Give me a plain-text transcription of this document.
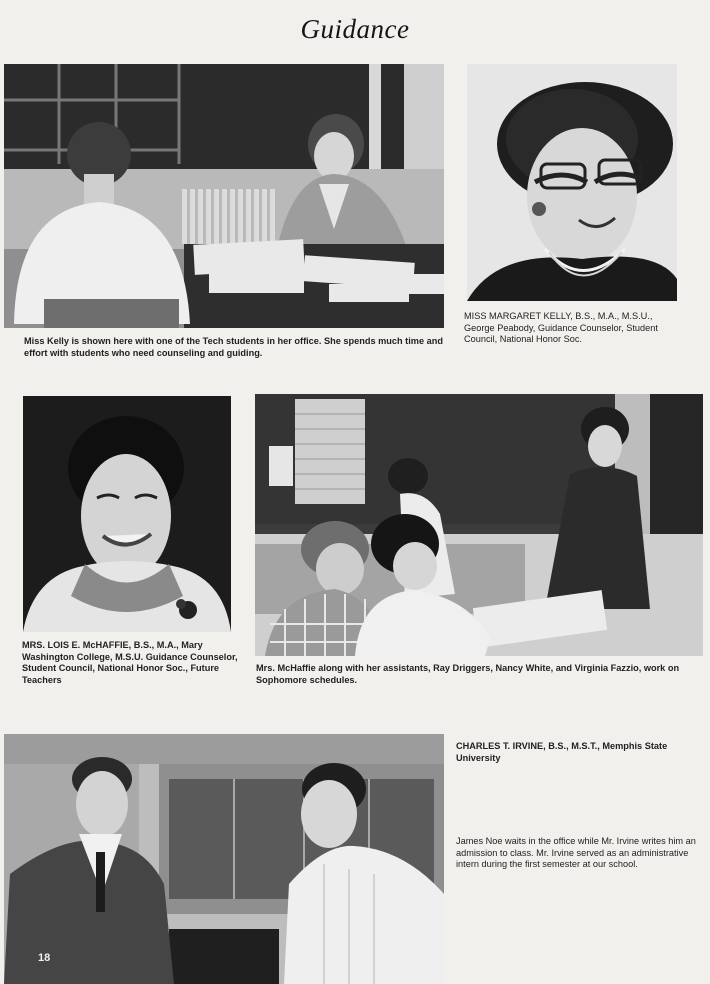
Guidance
Miss Kelly is shown here with one of the Tech students in her office. She spends much time and effort with students who need counseling and guiding.
MISS MARGARET KELLY, B.S., M.A., M.S.U., George Peabody, Guidance Counselor, Student Council, National Honor Soc.
MRS. LOIS E. McHAFFIE, B.S., M.A., Mary Washington College, M.S.U. Guidance Counselor, Student Council, National Honor Soc., Future Teachers
Mrs. McHaffie along with her assistants, Ray Driggers, Nancy White, and Virginia Fazzio, work on Sophomore schedules.
18
CHARLES T. IRVINE, B.S., M.S.T., Memphis State University
James Noe waits in the office while Mr. Irvine writes him an admission to class. Mr. Irvine served as an administrative intern during the first semester at our school.
